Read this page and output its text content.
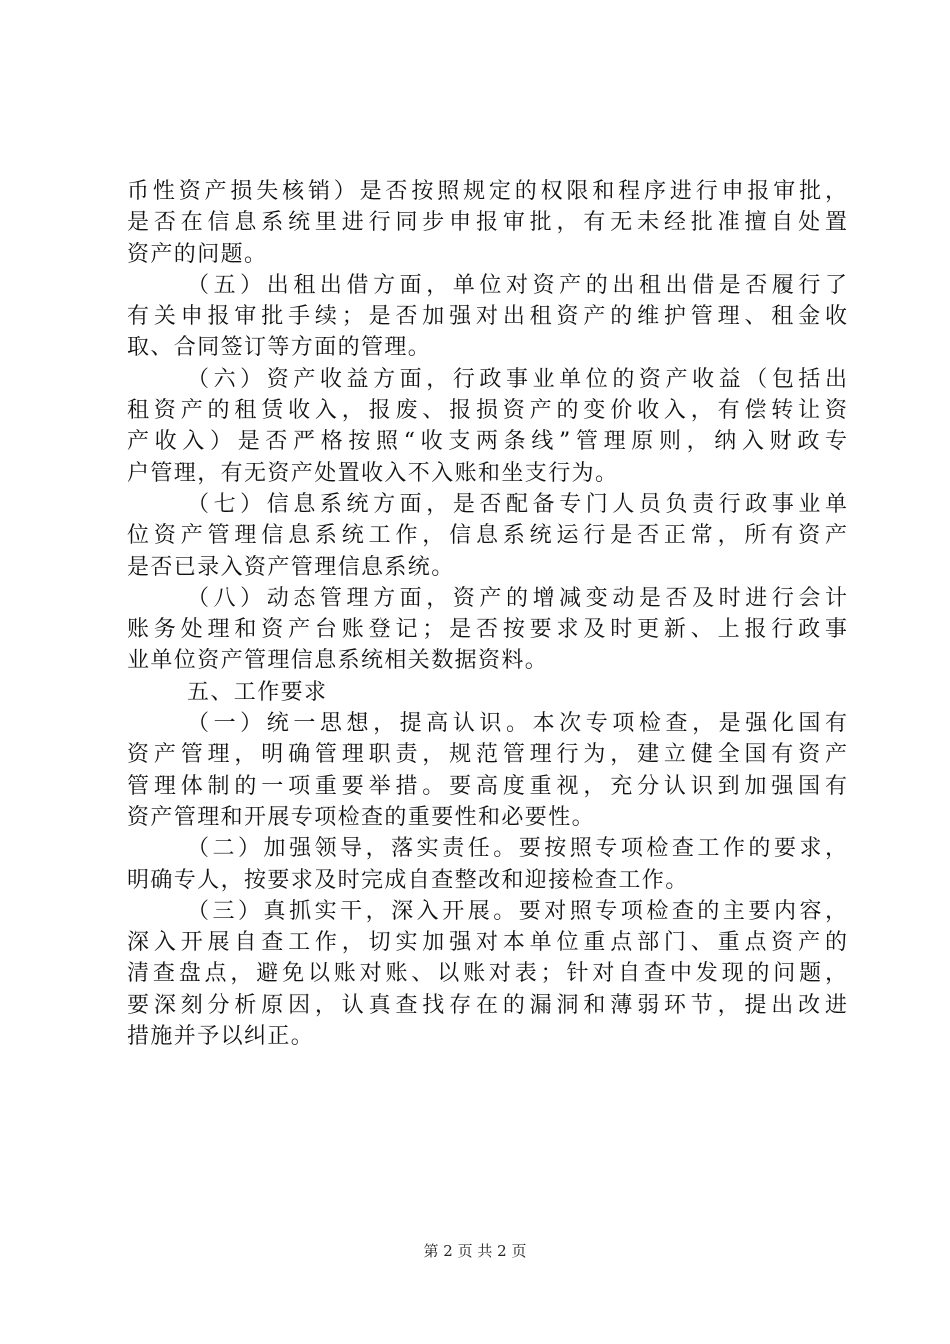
币性资产损失核销）是否按照规定的权限和程序进行申报审批，
是否在信息系统里进行同步申报审批，有无未经批准擅自处置
资产的问题。
（五）出租出借方面，单位对资产的出租出借是否履行了
有关申报审批手续；是否加强对出租资产的维护管理、租金收
取、合同签订等方面的管理。
（六）资产收益方面，行政事业单位的资产收益（包括出
租资产的租赁收入，报废、报损资产的变价收入，有偿转让资
产收入）是否严格按照“收支两条线”管理原则，纳入财政专
户管理，有无资产处置收入不入账和坐支行为。
（七）信息系统方面，是否配备专门人员负责行政事业单
位资产管理信息系统工作，信息系统运行是否正常，所有资产
是否已录入资产管理信息系统。
（八）动态管理方面，资产的增减变动是否及时进行会计
账务处理和资产台账登记；是否按要求及时更新、上报行政事
业单位资产管理信息系统相关数据资料。
五、工作要求
（一）统一思想，提高认识。本次专项检查，是强化国有
资产管理，明确管理职责，规范管理行为，建立健全国有资产
管理体制的一项重要举措。要高度重视，充分认识到加强国有
资产管理和开展专项检查的重要性和必要性。
（二）加强领导，落实责任。要按照专项检查工作的要求，
明确专人，按要求及时完成自查整改和迎接检查工作。
（三）真抓实干，深入开展。要对照专项检查的主要内容，
深入开展自查工作，切实加强对本单位重点部门、重点资产的
清查盘点，避免以账对账、以账对表；针对自查中发现的问题，
要深刻分析原因，认真查找存在的漏洞和薄弱环节，提出改进
措施并予以纠正。
第 2 页 共 2 页
